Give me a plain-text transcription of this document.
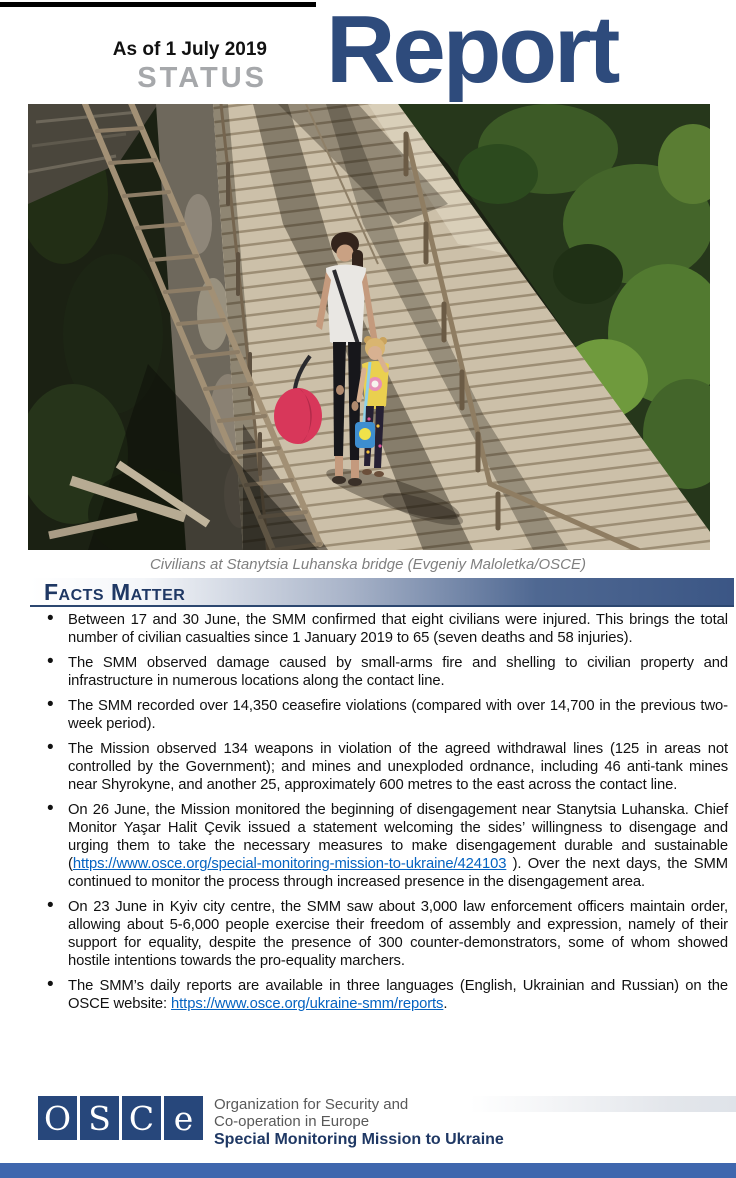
As of 1 July 2019
STATUS Report
Civilians at Stanytsia Luhanska bridge (Evgeniy Maloletka/OSCE)
Facts Matter
• Between 17 and 30 June, the SMM confirmed that eight civilians were injured. This brings the total number of civilian casualties since 1 January 2019 to 65 (seven deaths and 58 injuries).
• The SMM observed damage caused by small-arms fire and shelling to civilian property and infrastructure in numerous locations along the contact line.
• The SMM recorded over 14,350 ceasefire violations (compared with over 14,700 in the previous two-week period).
• The Mission observed 134 weapons in violation of the agreed withdrawal lines (125 in areas not controlled by the Government); and mines and unexploded ordnance, including 46 anti-tank mines near Shyrokyne, and another 25, approximately 600 metres to the east across the contact line.
• On 26 June, the Mission monitored the beginning of disengagement near Stanytsia Luhanska. Chief Monitor Yaşar Halit Çevik issued a statement welcoming the sides’ willingness to disengage and urging them to take the necessary measures to make disengagement durable and sustainable (https://www.osce.org/special-monitoring-mission-to-ukraine/424103 ). Over the next days, the SMM continued to monitor the process through increased presence in the disengagement area.
• On 23 June in Kyiv city centre, the SMM saw about 3,000 law enforcement officers maintain order, allowing about 5-6,000 people exercise their freedom of assembly and expression, namely of their support for equality, despite the presence of 300 counter-demonstrators, some of whom showed hostile intentions towards the pro-equality marchers.
• The SMM’s daily reports are available in three languages (English, Ukrainian and Russian) on the OSCE website: https://www.osce.org/ukraine-smm/reports.
O S C e Organization for Security and
Co-operation in Europe
Special Monitoring Mission to Ukraine
